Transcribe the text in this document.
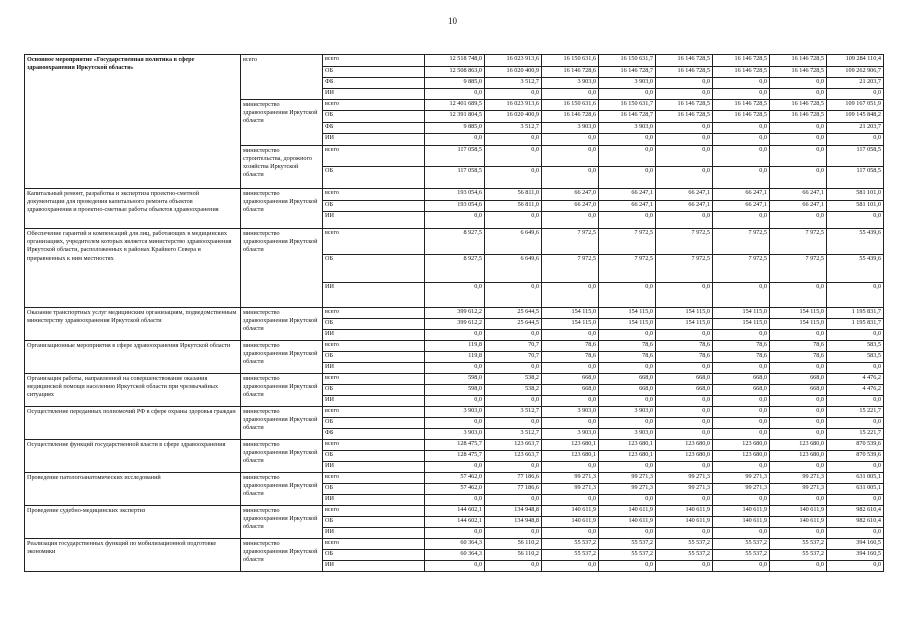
10
Основное мероприятие «Государственная политика в сфере здравоохранения Иркутской области»	всего	всего	12 518 748,0	16 023 913,6	16 150 631,6	16 150 631,7	16 146 728,5	16 146 728,5	16 146 728,5	109 284 110,4
		ОБ	12 508 863,0	16 020 400,9	16 146 728,6	16 146 728,7	16 146 728,5	16 146 728,5	16 146 728,5	109 262 906,7
		ФБ	9 885,0	3 512,7	3 903,0	3 903,0	0,0	0,0	0,0	21 203,7
		ИИ	0,0	0,0	0,0	0,0	0,0	0,0	0,0	0,0
	министерство здравоохранения Иркутской области	всего	12 401 689,5	16 023 913,6	16 150 631,6	16 150 631,7	16 146 728,5	16 146 728,5	16 146 728,5	109 167 051,9
		ОБ	12 391 804,5	16 020 400,9	16 146 728,6	16 146 728,7	16 146 728,5	16 146 728,5	16 146 728,5	109 145 848,2
		ФБ	9 885,0	3 512,7	3 903,0	3 903,0	0,0	0,0	0,0	21 203,7
		ИИ	0,0	0,0	0,0	0,0	0,0	0,0	0,0	0,0
	министерство строительства, дорожного хозяйства Иркутской области	всего	117 058,5	0,0	0,0	0,0	0,0	0,0	0,0	117 058,5
		ОБ	117 058,5	0,0	0,0	0,0	0,0	0,0	0,0	117 058,5
Капитальный ремонт, разработка и экспертиза проектно-сметной документации для проведения капитального ремонта объектов здравоохранения и проектно-сметные работы объектов здравоохранения	министерство здравоохранения Иркутской области	всего	193 054,6	56 811,0	66 247,0	66 247,1	66 247,1	66 247,1	66 247,1	581 101,0
		ОБ	193 054,6	56 811,0	66 247,0	66 247,1	66 247,1	66 247,1	66 247,1	581 101,0
		ИИ	0,0	0,0	0,0	0,0	0,0	0,0	0,0	0,0
Обеспечение гарантий и компенсаций для лиц, работающих в медицинских организациях, учредителем которых является министерство здравоохранения Иркутской области, расположенных в районах Крайнего Севера и приравненных к ним местностях	министерство здравоохранения Иркутской области	всего	8 927,5	6 649,6	7 972,5	7 972,5	7 972,5	7 972,5	7 972,5	55 439,6
		ОБ	8 927,5	6 649,6	7 972,5	7 972,5	7 972,5	7 972,5	7 972,5	55 439,6
		ИИ	0,0	0,0	0,0	0,0	0,0	0,0	0,0	0,0
Оказание транспортных услуг медицинским организациям, подведомственным министерству здравоохранения Иркутской области	министерство здравоохранения Иркутской области	всего	399 612,2	25 644,5	154 115,0	154 115,0	154 115,0	154 115,0	154 115,0	1 195 831,7
		ОБ	399 612,2	25 644,5	154 115,0	154 115,0	154 115,0	154 115,0	154 115,0	1 195 831,7
		ИИ	0,0	0,0	0,0	0,0	0,0	0,0	0,0	0,0
Организационные мероприятия в сфере здравоохранения Иркутской области	министерство здравоохранения Иркутской области	всего	119,8	70,7	78,6	78,6	78,6	78,6	78,6	583,5
		ОБ	119,8	70,7	78,6	78,6	78,6	78,6	78,6	583,5
		ИИ	0,0	0,0	0,0	0,0	0,0	0,0	0,0	0,0
Организация работы, направленной на совершенствование оказания медицинской помощи населению Иркутской области при чрезвычайных ситуациях	министерство здравоохранения Иркутской области	всего	598,0	538,2	668,0	668,0	668,0	668,0	668,0	4 476,2
		ОБ	598,0	538,2	668,0	668,0	668,0	668,0	668,0	4 476,2
		ИИ	0,0	0,0	0,0	0,0	0,0	0,0	0,0	0,0
Осуществление переданных полномочий РФ в сфере охраны здоровья граждан	министерство здравоохранения Иркутской области	всего	3 903,0	3 512,7	3 903,0	3 903,0	0,0	0,0	0,0	15 221,7
		ОБ	0,0	0,0	0,0	0,0	0,0	0,0	0,0	0,0
		ФБ	3 903,0	3 512,7	3 903,0	3 903,0	0,0	0,0	0,0	15 221,7
Осуществление функций государственной власти в сфере здравоохранения	министерство здравоохранения Иркутской области	всего	128 475,7	123 663,7	123 680,1	123 680,1	123 680,0	123 680,0	123 680,0	870 539,6
		ОБ	128 475,7	123 663,7	123 680,1	123 680,1	123 680,0	123 680,0	123 680,0	870 539,6
		ИИ	0,0	0,0	0,0	0,0	0,0	0,0	0,0	0,0
Проведение патологоанатомических исследований	министерство здравоохранения Иркутской области	всего	57 462,0	77 186,6	99 271,3	99 271,3	99 271,3	99 271,3	99 271,3	631 005,1
		ОБ	57 462,0	77 186,6	99 271,3	99 271,3	99 271,3	99 271,3	99 271,3	631 005,1
		ИИ	0,0	0,0	0,0	0,0	0,0	0,0	0,0	0,0
Проведение судебно-медицинских экспертиз	министерство здравоохранения Иркутской области	всего	144 602,1	134 948,8	140 611,9	140 611,9	140 611,9	140 611,9	140 611,9	982 610,4
		ОБ	144 602,1	134 948,8	140 611,9	140 611,9	140 611,9	140 611,9	140 611,9	982 610,4
		ИИ	0,0	0,0	0,0	0,0	0,0	0,0	0,0	0,0
Реализация государственных функций по мобилизационной подготовке экономики	министерство здравоохранения Иркутской области	всего	60 364,3	56 110,2	55 537,2	55 537,2	55 537,2	55 537,2	55 537,2	394 160,5
		ОБ	60 364,3	56 110,2	55 537,2	55 537,2	55 537,2	55 537,2	55 537,2	394 160,5
		ИИ	0,0	0,0	0,0	0,0	0,0	0,0	0,0	0,0
